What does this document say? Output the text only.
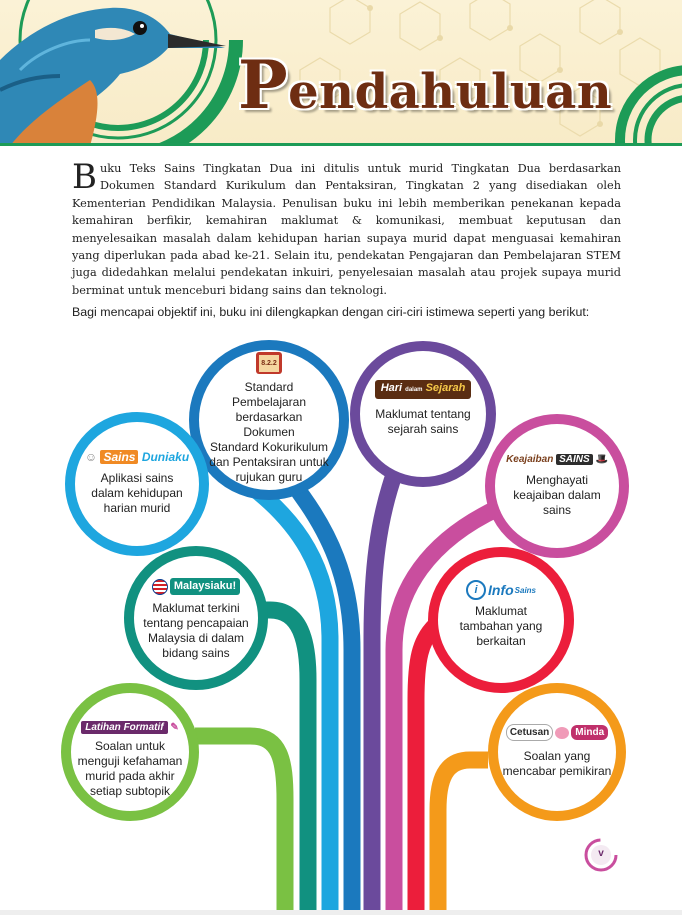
Pendahuluan

Buku Teks Sains Tingkatan Dua ini ditulis untuk murid Tingkatan Dua berdasarkan Dokumen Standard Kurikulum dan Pentaksiran, Tingkatan 2 yang disediakan oleh Kementerian Pendidikan Malaysia. Penulisan buku ini lebih memberikan penekanan kepada kemahiran berfikir, kemahiran maklumat & komunikasi, membuat keputusan dan menyelesaikan masalah dalam kehidupan harian supaya murid dapat menguasai kemahiran yang diperlukan pada abad ke-21. Selain itu, pendekatan Pengajaran dan Pembelajaran STEM juga didedahkan melalui pendekatan inkuiri, penyelesaian masalah atau projek supaya murid berminat untuk menceburi bidang sains dan teknologi.

Bagi mencapai objektif ini, buku ini dilengkapkan dengan ciri-ciri istimewa seperti yang berikut:

8.2.2
Standard Pembelajaran
berdasarkan Dokumen
Standard Kokurikulum
dan Pentaksiran untuk
rujukan guru
Hari dalam Sejarah
Maklumat tentang
sejarah sains
☺ Sains Duniaku
Aplikasi sains
dalam kehidupan
harian murid
Keajaiban SAINS 🎩
Menghayati
keajaiban dalam
sains
Malaysiaku!
Maklumat terkini
tentang pencapaian
Malaysia di dalam
bidang sains
i Info Sains
Maklumat
tambahan yang
berkaitan
Latihan Formatif ✎
Soalan untuk
menguji kefahaman
murid pada akhir
setiap subtopik
Cetusan	Minda
Soalan yang
mencabar pemikiran
v
